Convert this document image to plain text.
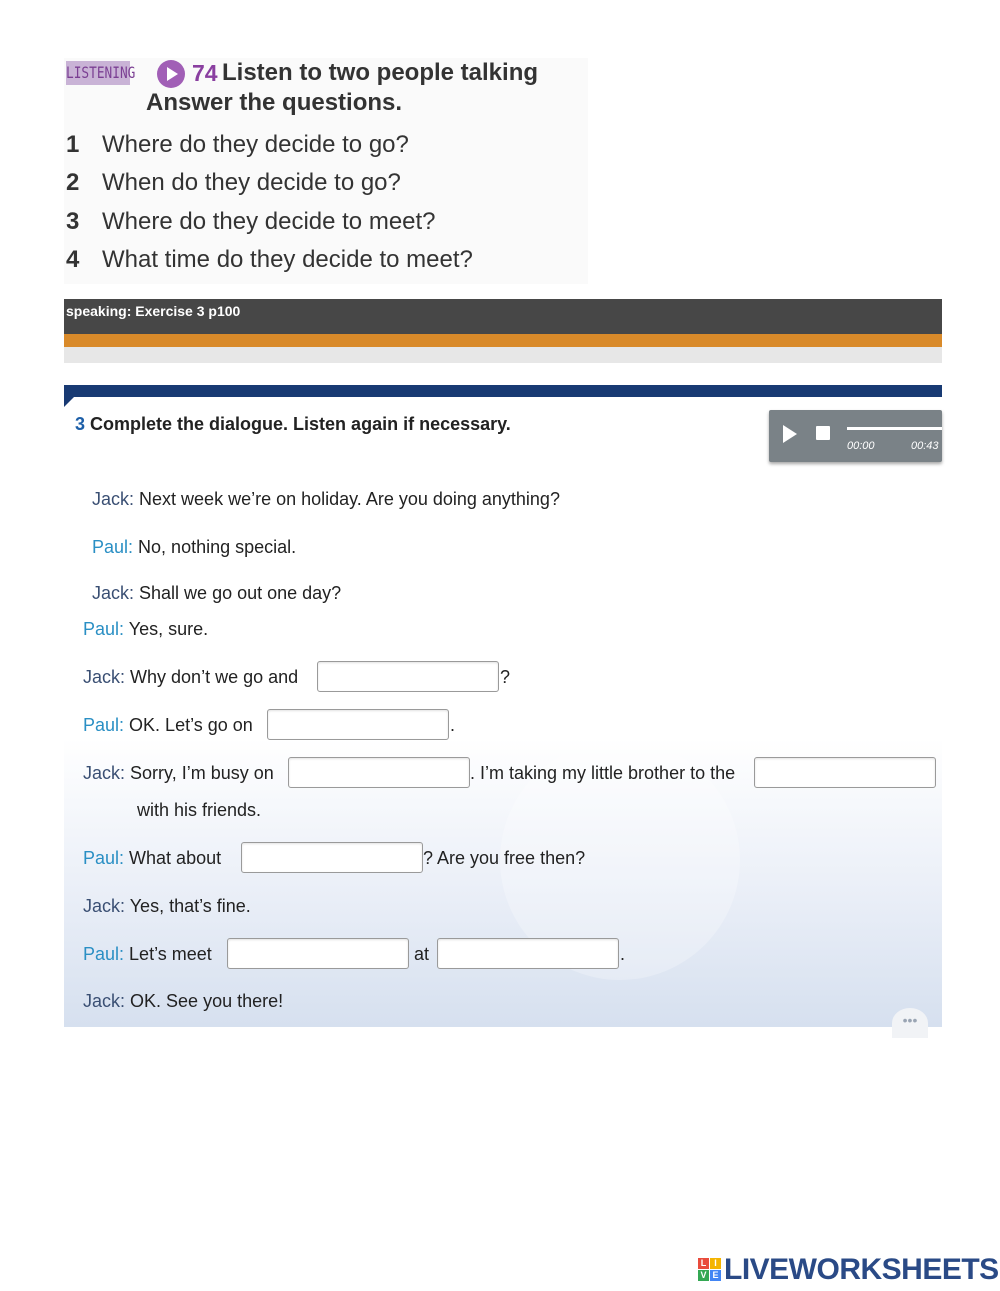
LISTENING 74 Listen to two people talking
Answer the questions.
1 Where do they decide to go?
2 When do they decide to go?
3 Where do they decide to meet?
4 What time do they decide to meet?
speaking: Exercise 3 p100
3 Complete the dialogue. Listen again if necessary.
00:00	00:43
Jack: Next week we’re on holiday. Are you doing anything?
Paul: No, nothing special.
Jack: Shall we go out one day?
Paul: Yes, sure.
Jack: Why don’t we go and	?
Paul: OK. Let’s go on	.
Jack: Sorry, I’m busy on	. I’m taking my little brother to the
with his friends.
Paul: What about	? Are you free then?
Jack: Yes, that’s fine.
Paul: Let’s meet	at	.
Jack: OK. See you there!
•••
L I
V E LIVEWORKSHEETS
